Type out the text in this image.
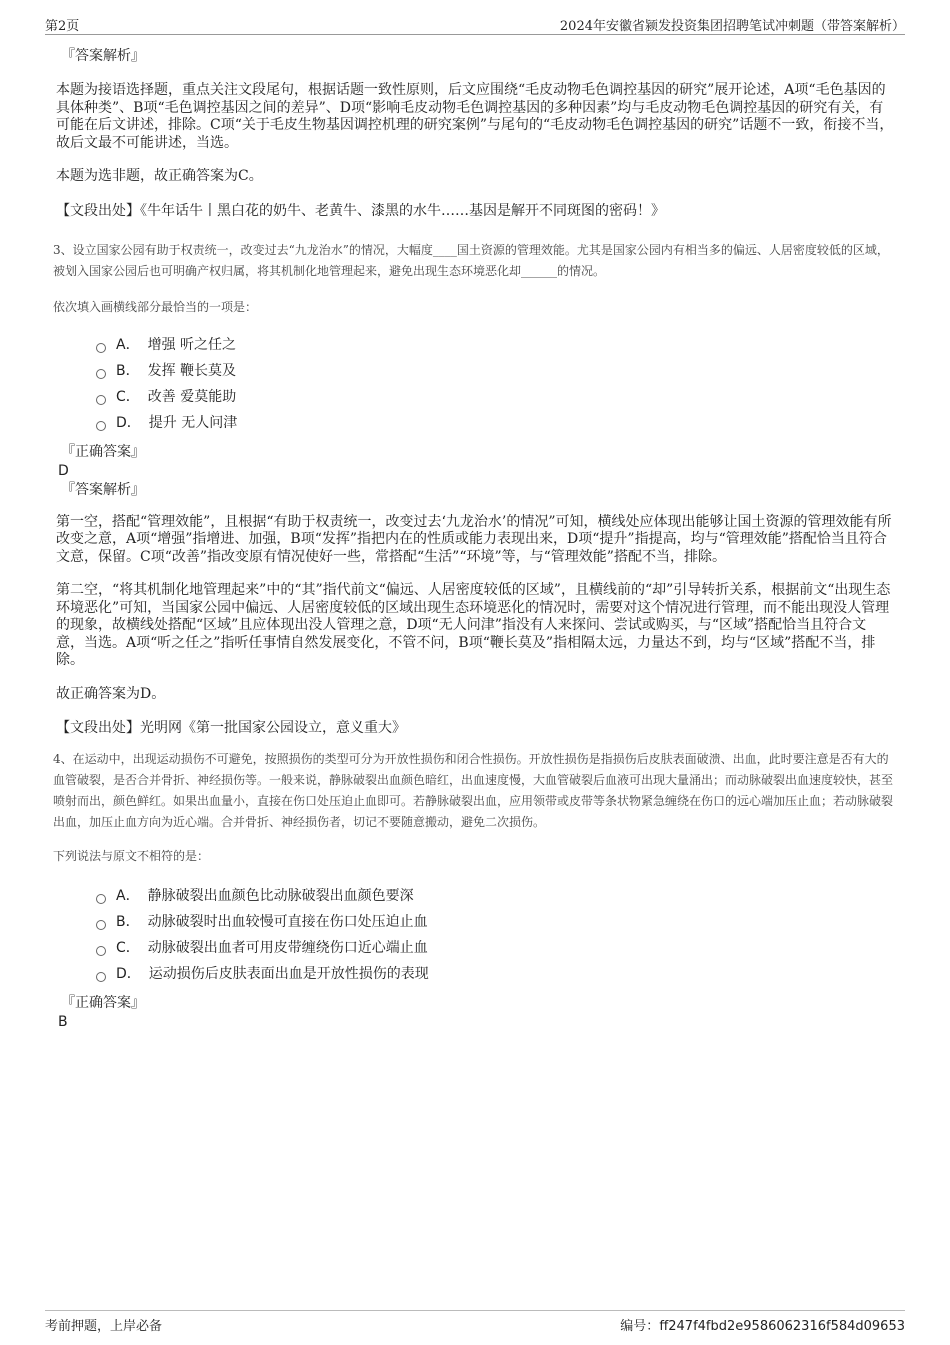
第2页	2024年安徽省颍发投资集团招聘笔试冲刺题（带答案解析）
『答案解析』

本题为接语选择题，重点关注文段尾句，根据话题一致性原则，后文应围绕“毛皮动物毛色调控基因的研究”展开论述，A项“毛色基因的具体种类”、B项“毛色调控基因之间的差异”、D项“影响毛皮动物毛色调控基因的多种因素”均与毛皮动物毛色调控基因的研究有关，有可能在后文讲述，排除。C项“关于毛皮生物基因调控机理的研究案例”与尾句的“毛皮动物毛色调控基因的研究”话题不一致，衔接不当，故后文最不可能讲述，当选。

本题为选非题，故正确答案为C。

【文段出处】《牛年话牛丨黑白花的奶牛、老黄牛、漆黑的水牛……基因是解开不同斑图的密码！》

3、设立国家公园有助于权责统一，改变过去“九龙治水”的情况，大幅度____国土资源的管理效能。尤其是国家公园内有相当多的偏远、人居密度较低的区域，被划入国家公园后也可明确产权归属，将其机制化地管理起来，避免出现生态环境恶化却______的情况。

依次填入画横线部分最恰当的一项是：

A． 增强 听之任之
B． 发挥 鞭长莫及
C． 改善 爱莫能助
D． 提升 无人问津
『正确答案』
D
『答案解析』

第一空，搭配“管理效能”，且根据“有助于权责统一，改变过去‘九龙治水’的情况”可知，横线处应体现出能够让国土资源的管理效能有所改变之意，A项“增强”指增进、加强，B项“发挥”指把内在的性质或能力表现出来，D项“提升”指提高，均与“管理效能”搭配恰当且符合文意，保留。C项“改善”指改变原有情况使好一些，常搭配“生活”“环境”等，与“管理效能”搭配不当，排除。

第二空，“将其机制化地管理起来”中的“其”指代前文“偏远、人居密度较低的区域”，且横线前的“却”引导转折关系，根据前文“出现生态环境恶化”可知，当国家公园中偏远、人居密度较低的区域出现生态环境恶化的情况时，需要对这个情况进行管理，而不能出现没人管理的现象，故横线处搭配“区域”且应体现出没人管理之意，D项“无人问津”指没有人来探问、尝试或购买，与“区域”搭配恰当且符合文意，当选。A项“听之任之”指听任事情自然发展变化，不管不问，B项“鞭长莫及”指相隔太远，力量达不到，均与“区域”搭配不当，排除。

故正确答案为D。

【文段出处】光明网《第一批国家公园设立，意义重大》

4、在运动中，出现运动损伤不可避免，按照损伤的类型可分为开放性损伤和闭合性损伤。开放性损伤是指损伤后皮肤表面破溃、出血，此时要注意是否有大的血管破裂，是否合并骨折、神经损伤等。一般来说，静脉破裂出血颜色暗红，出血速度慢，大血管破裂后血液可出现大量涌出；而动脉破裂出血速度较快，甚至喷射而出，颜色鲜红。如果出血量小，直接在伤口处压迫止血即可。若静脉破裂出血，应用领带或皮带等条状物紧急缠绕在伤口的远心端加压止血；若动脉破裂出血，加压止血方向为近心端。合并骨折、神经损伤者，切记不要随意搬动，避免二次损伤。

下列说法与原文不相符的是：

A． 静脉破裂出血颜色比动脉破裂出血颜色要深
B． 动脉破裂时出血较慢可直接在伤口处压迫止血
C． 动脉破裂出血者可用皮带缠绕伤口近心端止血
D． 运动损伤后皮肤表面出血是开放性损伤的表现
『正确答案』
B
考前押题，上岸必备	编号：ff247f4fbd2e9586062316f584d09653
